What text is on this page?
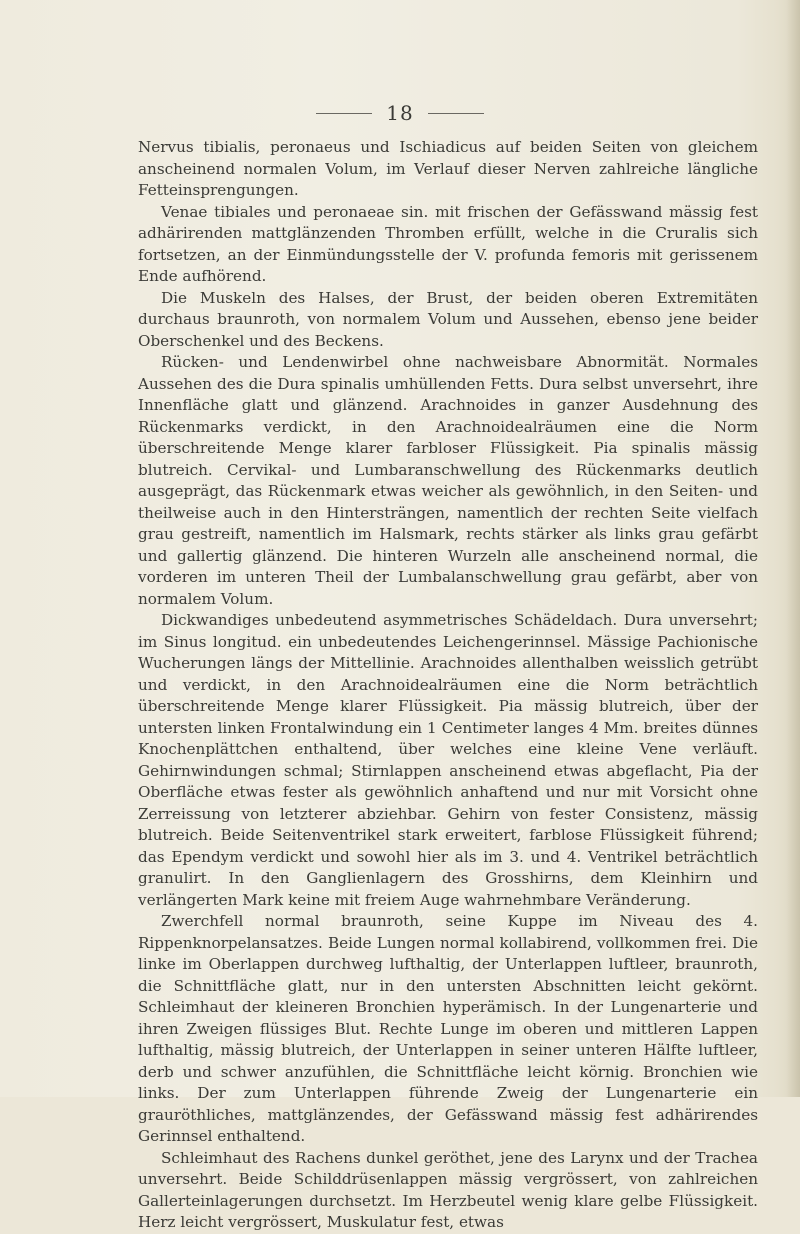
18

Nervus tibialis, peronaeus und Ischiadicus auf beiden Seiten von gleichem anscheinend normalen Volum, im Verlauf dieser Nerven zahlreiche längliche Fetteinsprengungen.

Venae tibiales und peronaeae sin. mit frischen der Gefässwand mässig fest adhärirenden mattglänzenden Thromben erfüllt, welche in die Cruralis sich fortsetzen, an der Einmündungsstelle der V. profunda femoris mit gerissenem Ende aufhörend.

Die Muskeln des Halses, der Brust, der beiden oberen Extremitäten durchaus braunroth, von normalem Volum und Aussehen, ebenso jene beider Oberschenkel und des Beckens.

Rücken- und Lendenwirbel ohne nachweisbare Abnormität. Normales Aussehen des die Dura spinalis umhüllenden Fetts. Dura selbst unversehrt, ihre Innenfläche glatt und glänzend. Arachnoides in ganzer Ausdehnung des Rückenmarks verdickt, in den Arachnoidealräumen eine die Norm überschreitende Menge klarer farbloser Flüssigkeit. Pia spinalis mässig blutreich. Cervikal- und Lumbaranschwellung des Rückenmarks deutlich ausgeprägt, das Rückenmark etwas weicher als gewöhnlich, in den Seiten- und theilweise auch in den Hintersträngen, namentlich der rechten Seite vielfach grau gestreift, namentlich im Halsmark, rechts stärker als links grau gefärbt und gallertig glänzend. Die hinteren Wurzeln alle anscheinend normal, die vorderen im unteren Theil der Lumbalanschwellung grau gefärbt, aber von normalem Volum.

Dickwandiges unbedeutend asymmetrisches Schädeldach. Dura unversehrt; im Sinus longitud. ein unbedeutendes Leichengerinnsel. Mässige Pachionische Wucherungen längs der Mittellinie. Arachnoides allenthalben weisslich getrübt und verdickt, in den Arachnoidealräumen eine die Norm beträchtlich überschreitende Menge klarer Flüssigkeit. Pia mässig blutreich, über der untersten linken Frontalwindung ein 1 Centimeter langes 4 Mm. breites dünnes Knochenplättchen enthaltend, über welches eine kleine Vene verläuft. Gehirnwindungen schmal; Stirnlappen anscheinend etwas abgeflacht, Pia der Oberfläche etwas fester als gewöhnlich anhaftend und nur mit Vorsicht ohne Zerreissung von letzterer abziehbar. Gehirn von fester Consistenz, mässig blutreich. Beide Seitenventrikel stark erweitert, farblose Flüssigkeit führend; das Ependym verdickt und sowohl hier als im 3. und 4. Ventrikel beträchtlich granulirt. In den Ganglienlagern des Grosshirns, dem Kleinhirn und verlängerten Mark keine mit freiem Auge wahrnehmbare Veränderung.

Zwerchfell normal braunroth, seine Kuppe im Niveau des 4. Rippenknorpelansatzes. Beide Lungen normal kollabirend, vollkommen frei. Die linke im Oberlappen durchweg lufthaltig, der Unterlappen luftleer, braunroth, die Schnittfläche glatt, nur in den untersten Abschnitten leicht gekörnt. Schleimhaut der kleineren Bronchien hyperämisch. In der Lungenarterie und ihren Zweigen flüssiges Blut. Rechte Lunge im oberen und mittleren Lappen lufthaltig, mässig blutreich, der Unterlappen in seiner unteren Hälfte luftleer, derb und schwer anzufühlen, die Schnittfläche leicht körnig. Bronchien wie links. Der zum Unterlappen führende Zweig der Lungenarterie ein grauröthliches, mattglänzendes, der Gefässwand mässig fest adhärirendes Gerinnsel enthaltend.

Schleimhaut des Rachens dunkel geröthet, jene des Larynx und der Trachea unversehrt. Beide Schilddrüsenlappen mässig vergrössert, von zahlreichen Gallerteinlagerungen durchsetzt. Im Herzbeutel wenig klare gelbe Flüssigkeit. Herz leicht vergrössert, Muskulatur fest, etwas
